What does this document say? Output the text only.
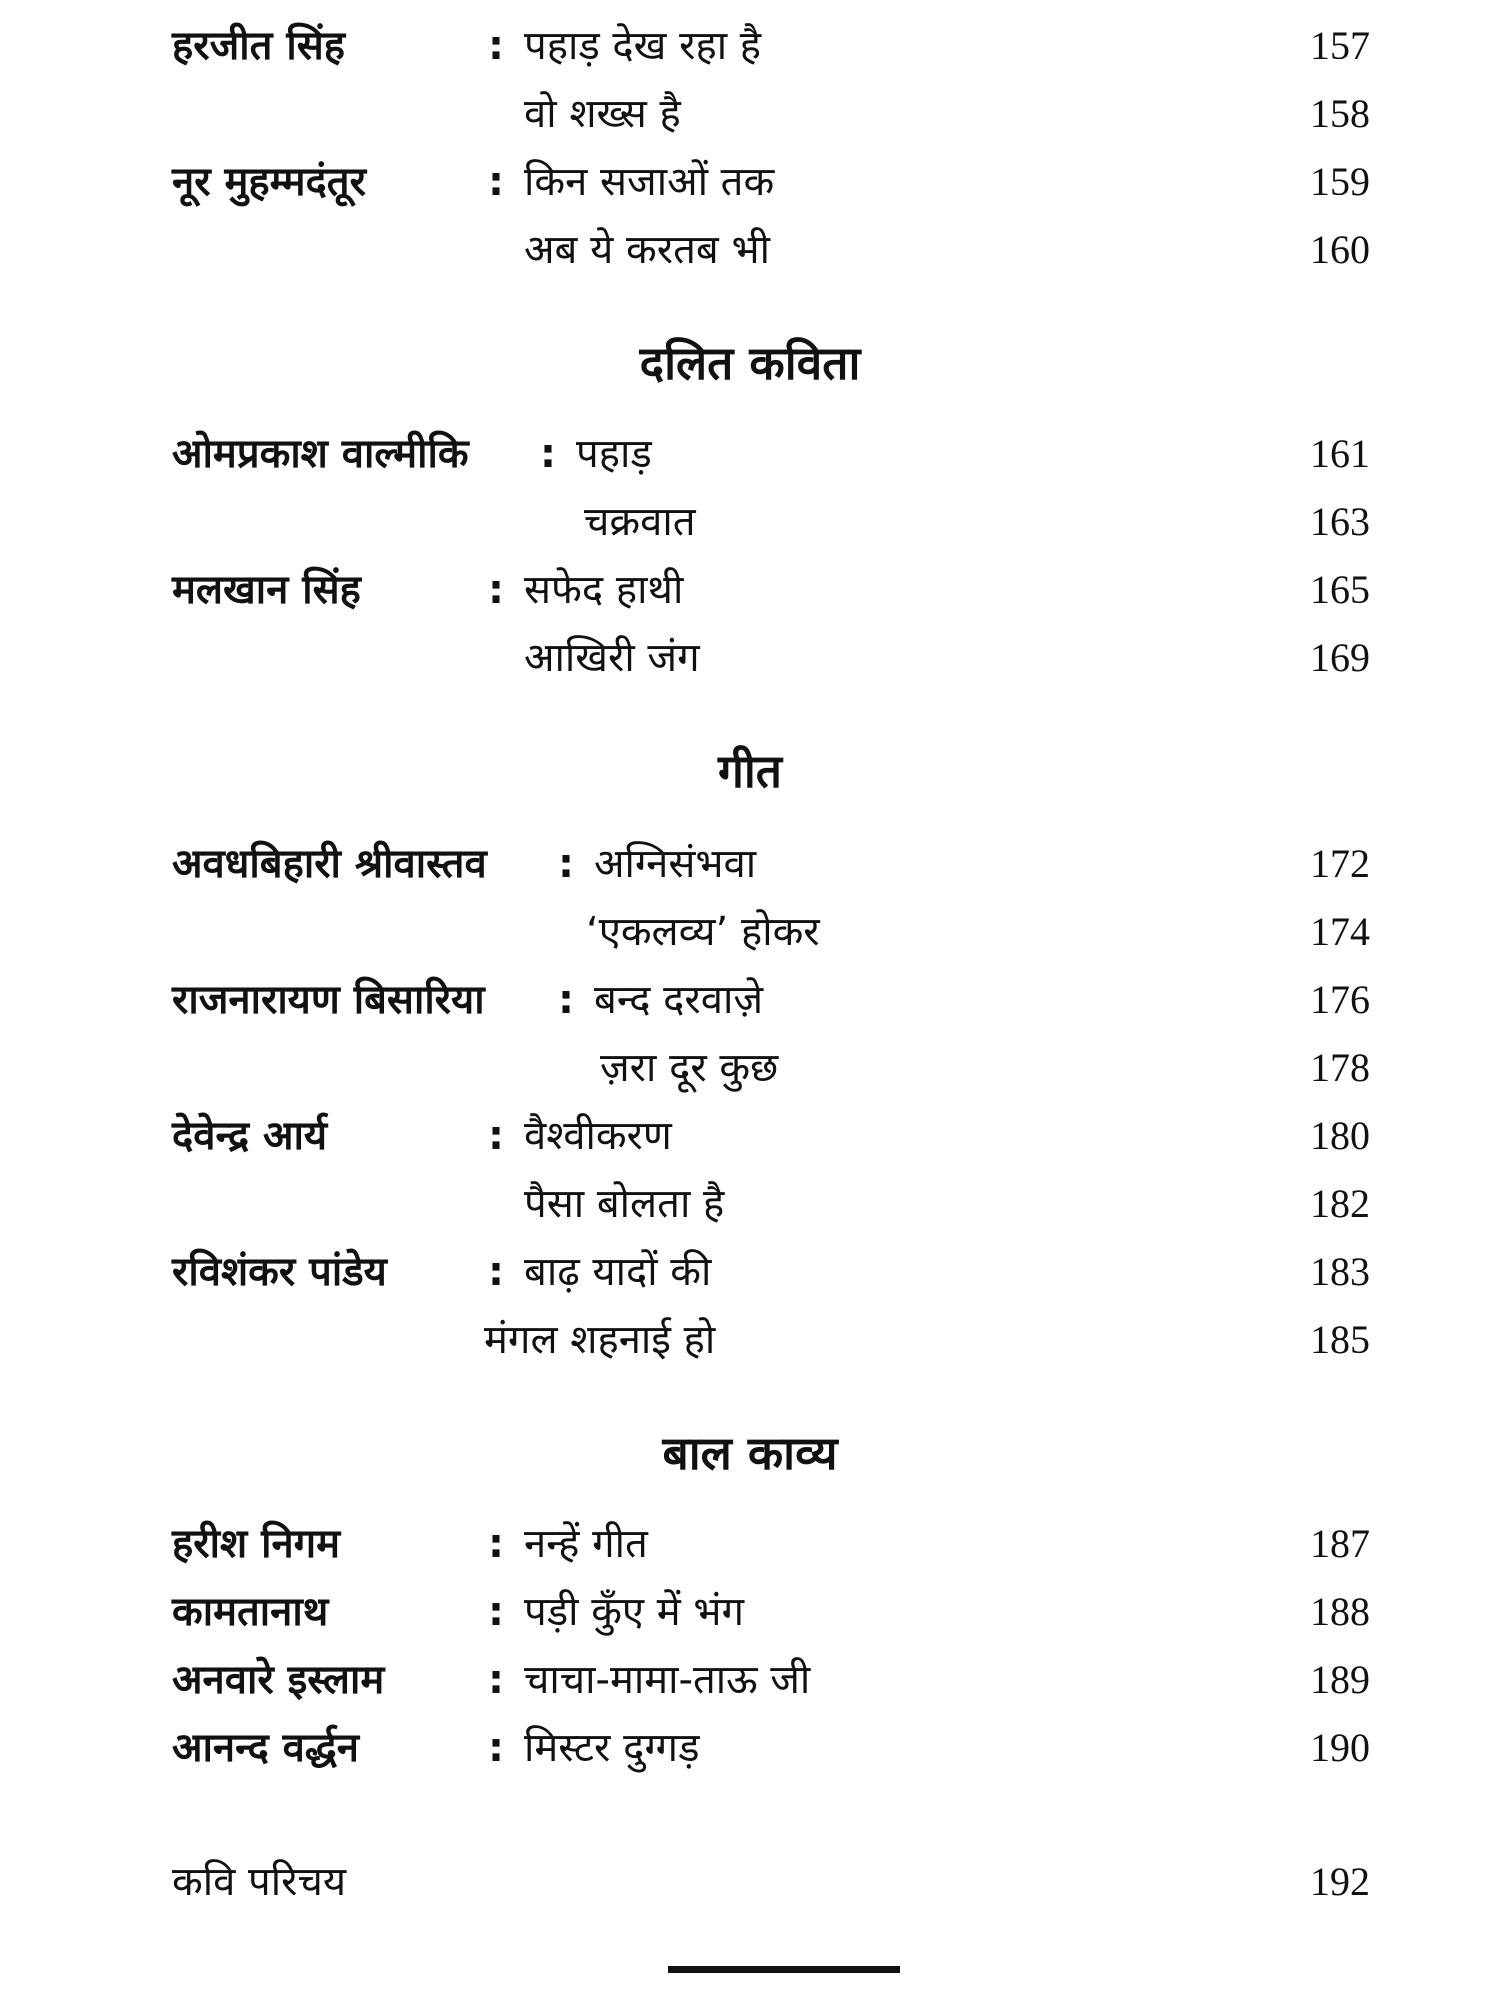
हरजीत सिंह	: पहाड़ देख रहा है	157
वो शख्स है	158
नूर मुहम्मदंतूर	: किन सजाओं तक	159
अब ये करतब भी	160
दलित कविता
ओमप्रकाश वाल्मीकि : पहाड़	161
चक्रवात	163
मलखान सिंह	: सफेद हाथी	165
आखिरी जंग	169
गीत
अवधबिहारी श्रीवास्तव : अग्निसंभवा	172
‘एकलव्य’ होकर	174
राजनारायण बिसारिया : बन्द दरवाज़े	176
ज़रा दूर कुछ	178
देवेन्द्र आर्य	: वैश्वीकरण	180
पैसा बोलता है	182
रविशंकर पांडेय	: बाढ़ यादों की	183
मंगल शहनाई हो	185
बाल काव्य
हरीश निगम	: नन्हें गीत	187
कामतानाथ	: पड़ी कुँए में भंग	188
अनवारे इस्लाम	: चाचा-मामा-ताऊ जी	189
आनन्द वर्द्धन	: मिस्टर दुग्गड़	190
कवि परिचय	192
